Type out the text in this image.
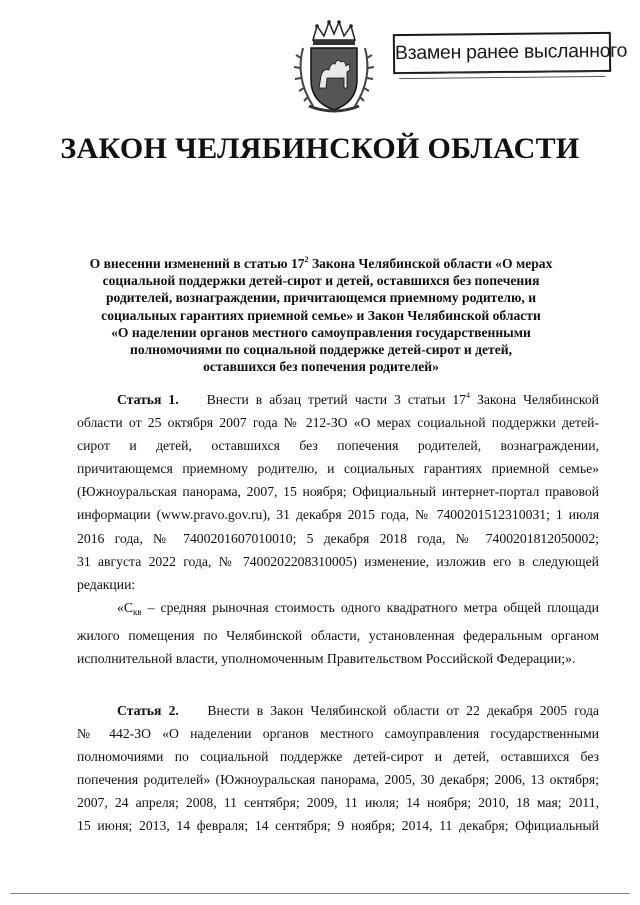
Взамен ранее высланного
ЗАКОН ЧЕЛЯБИНСКОЙ ОБЛАСТИ
О внесении изменений в статью $17^2$ Закона Челябинской области «О мерах
социальной поддержки детей-сирот и детей, оставшихся без попечения
родителей, вознаграждении, причитающемся приемному родителю, и
социальных гарантиях приемной семье» и Закон Челябинской области
«О наделении органов местного самоуправления государственными
полномочиями по социальной поддержке детей-сирот и детей,
оставшихся без попечения родителей»
Статья 1. Внести в абзац третий части 3 статьи $17^4$ Закона Челябинской
области от 25 октября 2007 года № 212-ЗО «О мерах социальной поддержки детей-
сирот и детей, оставшихся без попечения родителей, вознаграждении,
причитающемся приемному родителю, и социальных гарантиях приемной семье»
(Южноуральская панорама, 2007, 15 ноября; Официальный интернет-портал правовой
информации (www.pravo.gov.ru), 31 декабря 2015 года, № 7400201512310031; 1 июля
2016 года, № 7400201607010010; 5 декабря 2018 года, № 7400201812050002;
31 августа 2022 года, № 7400202208310005) изменение, изложив его в следующей
редакции:
«$С_{кв}$ – средняя рыночная стоимость одного квадратного метра общей площади
жилого помещения по Челябинской области, установленная федеральным органом
исполнительной власти, уполномоченным Правительством Российской Федерации;».
Статья 2. Внести в Закон Челябинской области от 22 декабря 2005 года
№ 442-ЗО «О наделении органов местного самоуправления государственными
полномочиями по социальной поддержке детей-сирот и детей, оставшихся без
попечения родителей» (Южноуральская панорама, 2005, 30 декабря; 2006, 13 октября;
2007, 24 апреля; 2008, 11 сентября; 2009, 11 июля; 14 ноября; 2010, 18 мая; 2011,
15 июня; 2013, 14 февраля; 14 сентября; 9 ноября; 2014, 11 декабря; Официальный
